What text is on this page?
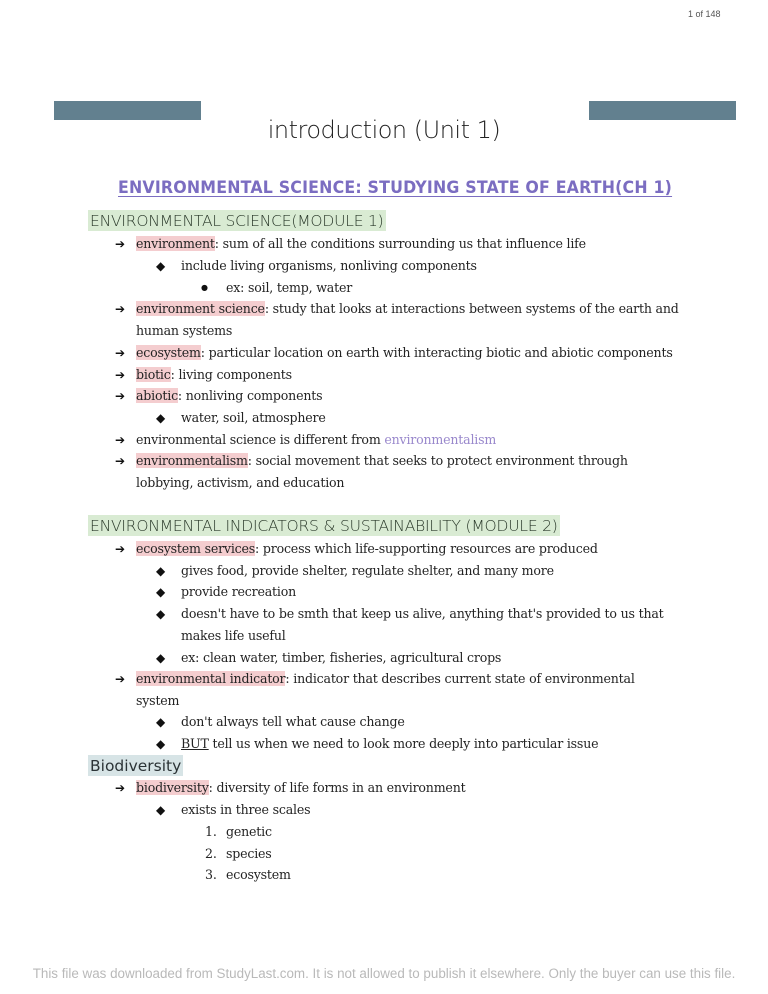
1 of 148
introduction (Unit 1)
ENVIRONMENTAL SCIENCE: STUDYING STATE OF EARTH(CH 1)
ENVIRONMENTAL SCIENCE(MODULE 1)
➔ environment: sum of all the conditions surrounding us that influence life
◆ include living organisms, nonliving components
● ex: soil, temp, water
➔ environment science: study that looks at interactions between systems of the earth and
human systems
➔ ecosystem: particular location on earth with interacting biotic and abiotic components
➔ biotic: living components
➔ abiotic: nonliving components
◆ water, soil, atmosphere
➔ environmental science is different from environmentalism
➔ environmentalism: social movement that seeks to protect environment through
lobbying, activism, and education
ENVIRONMENTAL INDICATORS & SUSTAINABILITY (MODULE 2)
➔ ecosystem services: process which life-supporting resources are produced
◆ gives food, provide shelter, regulate shelter, and many more
◆ provide recreation
◆ doesn't have to be smth that keep us alive, anything that's provided to us that
makes life useful
◆ ex: clean water, timber, fisheries, agricultural crops
➔ environmental indicator: indicator that describes current state of environmental
system
◆ don't always tell what cause change
◆ BUT tell us when we need to look more deeply into particular issue
Biodiversity
➔ biodiversity: diversity of life forms in an environment
◆ exists in three scales
1. genetic
2. species
3. ecosystem
This file was downloaded from StudyLast.com. It is not allowed to publish it elsewhere. Only the buyer can use this file.
